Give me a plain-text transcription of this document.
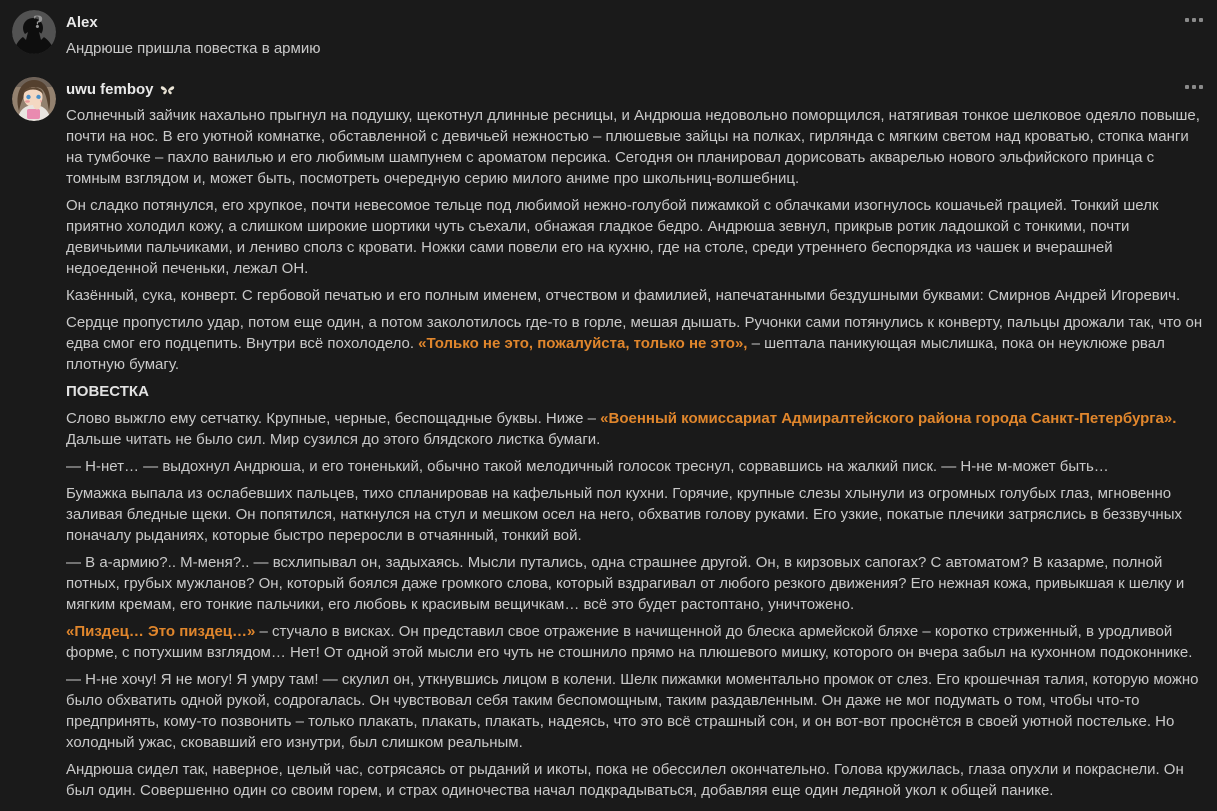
? Alex

Андрюше пришла повестка в армию

uwu femboy

Солнечный зайчик нахально прыгнул на подушку, щекотнул длинные ресницы, и Андрюша недовольно поморщился, натягивая тонкое шелковое одеяло повыше, почти на нос. В его уютной комнатке, обставленной с девичьей нежностью – плюшевые зайцы на полках, гирлянда с мягким светом над кроватью, стопка манги на тумбочке – пахло ванилью и его любимым шампунем с ароматом персика. Сегодня он планировал дорисовать акварелью нового эльфийского принца с томным взглядом и, может быть, посмотреть очередную серию милого аниме про школьниц-волшебниц.

Он сладко потянулся, его хрупкое, почти невесомое тельце под любимой нежно-голубой пижамкой с облачками изогнулось кошачьей грацией. Тонкий шелк приятно холодил кожу, а слишком широкие шортики чуть съехали, обнажая гладкое бедро. Андрюша зевнул, прикрыв ротик ладошкой с тонкими, почти девичьими пальчиками, и лениво сполз с кровати. Ножки сами повели его на кухню, где на столе, среди утреннего беспорядка из чашек и вчерашней недоеденной печеньки, лежал ОН.

Казённый, сука, конверт. С гербовой печатью и его полным именем, отчеством и фамилией, напечатанными бездушными буквами: Смирнов Андрей Игоревич.

Сердце пропустило удар, потом еще один, а потом заколотилось где-то в горле, мешая дышать. Ручонки сами потянулись к конверту, пальцы дрожали так, что он едва смог его подцепить. Внутри всё похолодело. «Только не это, пожалуйста, только не это», – шептала паникующая мыслишка, пока он неуклюже рвал плотную бумагу.

ПОВЕСТКА

Слово выжгло ему сетчатку. Крупные, черные, беспощадные буквы. Ниже – «Военный комиссариат Адмиралтейского района города Санкт-Петербурга». Дальше читать не было сил. Мир сузился до этого блядского листка бумаги.

— Н-нет… — выдохнул Андрюша, и его тоненький, обычно такой мелодичный голосок треснул, сорвавшись на жалкий писк. — Н-не м-может быть…

Бумажка выпала из ослабевших пальцев, тихо спланировав на кафельный пол кухни. Горячие, крупные слезы хлынули из огромных голубых глаз, мгновенно заливая бледные щеки. Он попятился, наткнулся на стул и мешком осел на него, обхватив голову руками. Его узкие, покатые плечики затряслись в беззвучных поначалу рыданиях, которые быстро переросли в отчаянный, тонкий вой.

— В а-армию?.. М-меня?.. — всхлипывал он, задыхаясь. Мысли путались, одна страшнее другой. Он, в кирзовых сапогах? С автоматом? В казарме, полной потных, грубых мужланов? Он, который боялся даже громкого слова, который вздрагивал от любого резкого движения? Его нежная кожа, привыкшая к шелку и мягким кремам, его тонкие пальчики, его любовь к красивым вещичкам… всё это будет растоптано, уничтожено.

«Пиздец… Это пиздец…» – стучало в висках. Он представил свое отражение в начищенной до блеска армейской бляхе – коротко стриженный, в уродливой форме, с потухшим взглядом… Нет! От одной этой мысли его чуть не стошнило прямо на плюшевого мишку, которого он вчера забыл на кухонном подоконнике.

— Н-не хочу! Я не могу! Я умру там! — скулил он, уткнувшись лицом в колени. Шелк пижамки моментально промок от слез. Его крошечная талия, которую можно было обхватить одной рукой, содрогалась. Он чувствовал себя таким беспомощным, таким раздавленным. Он даже не мог подумать о том, чтобы что-то предпринять, кому-то позвонить – только плакать, плакать, плакать, надеясь, что это всё страшный сон, и он вот-вот проснётся в своей уютной постельке. Но холодный ужас, сковавший его изнутри, был слишком реальным.

Андрюша сидел так, наверное, целый час, сотрясаясь от рыданий и икоты, пока не обессилел окончательно. Голова кружилась, глаза опухли и покраснели. Он был один. Совершенно один со своим горем, и страх одиночества начал подкрадываться, добавляя еще один ледяной укол к общей панике.
